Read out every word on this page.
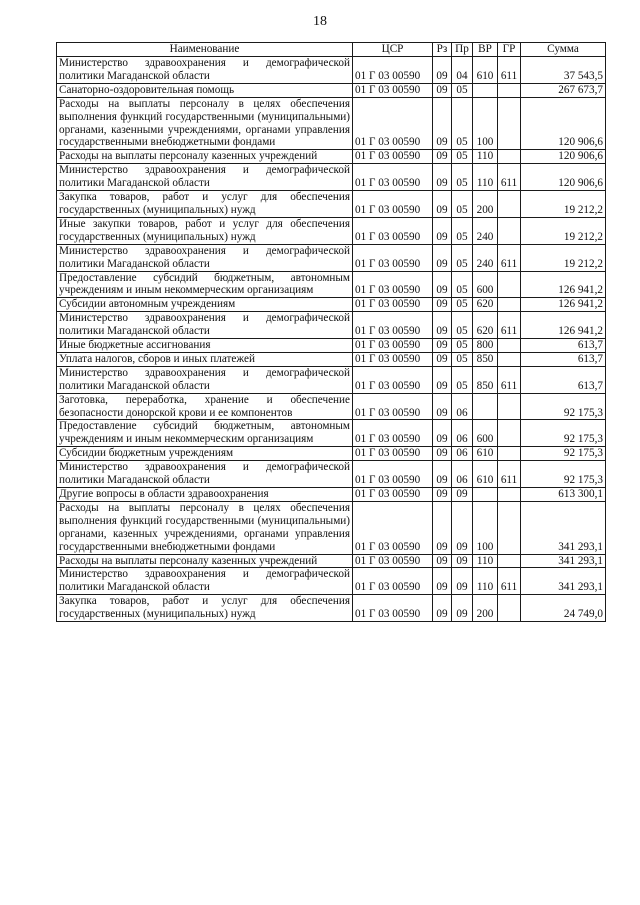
18
Наименование	ЦСР	Рз	Пр	ВР	ГР	Сумма
Министерство здравоохранения и демографической политики Магаданской области	01 Г 03 00590	09	04	610	611	37 543,5
Санаторно-оздоровительная помощь	01 Г 03 00590	09	05			267 673,7
Расходы на выплаты персоналу в целях обеспечения выполнения функций государственными (муниципальными) органами, казенными учреждениями, органами управления государственными внебюджетными фондами	01 Г 03 00590	09	05	100		120 906,6
Расходы на выплаты персоналу казенных учреждений	01 Г 03 00590	09	05	110		120 906,6
Министерство здравоохранения и демографической политики Магаданской области	01 Г 03 00590	09	05	110	611	120 906,6
Закупка товаров, работ и услуг для обеспечения государственных (муниципальных) нужд	01 Г 03 00590	09	05	200		19 212,2
Иные закупки товаров, работ и услуг для обеспечения государственных (муниципальных) нужд	01 Г 03 00590	09	05	240		19 212,2
Министерство здравоохранения и демографической политики Магаданской области	01 Г 03 00590	09	05	240	611	19 212,2
Предоставление субсидий бюджетным, автономным учреждениям и иным некоммерческим организациям	01 Г 03 00590	09	05	600		126 941,2
Субсидии автономным учреждениям	01 Г 03 00590	09	05	620		126 941,2
Министерство здравоохранения и демографической политики Магаданской области	01 Г 03 00590	09	05	620	611	126 941,2
Иные бюджетные ассигнования	01 Г 03 00590	09	05	800		613,7
Уплата налогов, сборов и иных платежей	01 Г 03 00590	09	05	850		613,7
Министерство здравоохранения и демографической политики Магаданской области	01 Г 03 00590	09	05	850	611	613,7
Заготовка, переработка, хранение и обеспечение безопасности донорской крови и ее компонентов	01 Г 03 00590	09	06			92 175,3
Предоставление субсидий бюджетным, автономным учреждениям и иным некоммерческим организациям	01 Г 03 00590	09	06	600		92 175,3
Субсидии бюджетным учреждениям	01 Г 03 00590	09	06	610		92 175,3
Министерство здравоохранения и демографической политики Магаданской области	01 Г 03 00590	09	06	610	611	92 175,3
Другие вопросы в области здравоохранения	01 Г 03 00590	09	09			613 300,1
Расходы на выплаты персоналу в целях обеспечения выполнения функций государственными (муниципальными) органами, казенных учреждениями, органами управления государственными внебюджетными фондами	01 Г 03 00590	09	09	100		341 293,1
Расходы на выплаты персоналу казенных учреждений	01 Г 03 00590	09	09	110		341 293,1
Министерство здравоохранения и демографической политики Магаданской области	01 Г 03 00590	09	09	110	611	341 293,1
Закупка товаров, работ и услуг для обеспечения государственных (муниципальных) нужд	01 Г 03 00590	09	09	200		24 749,0
